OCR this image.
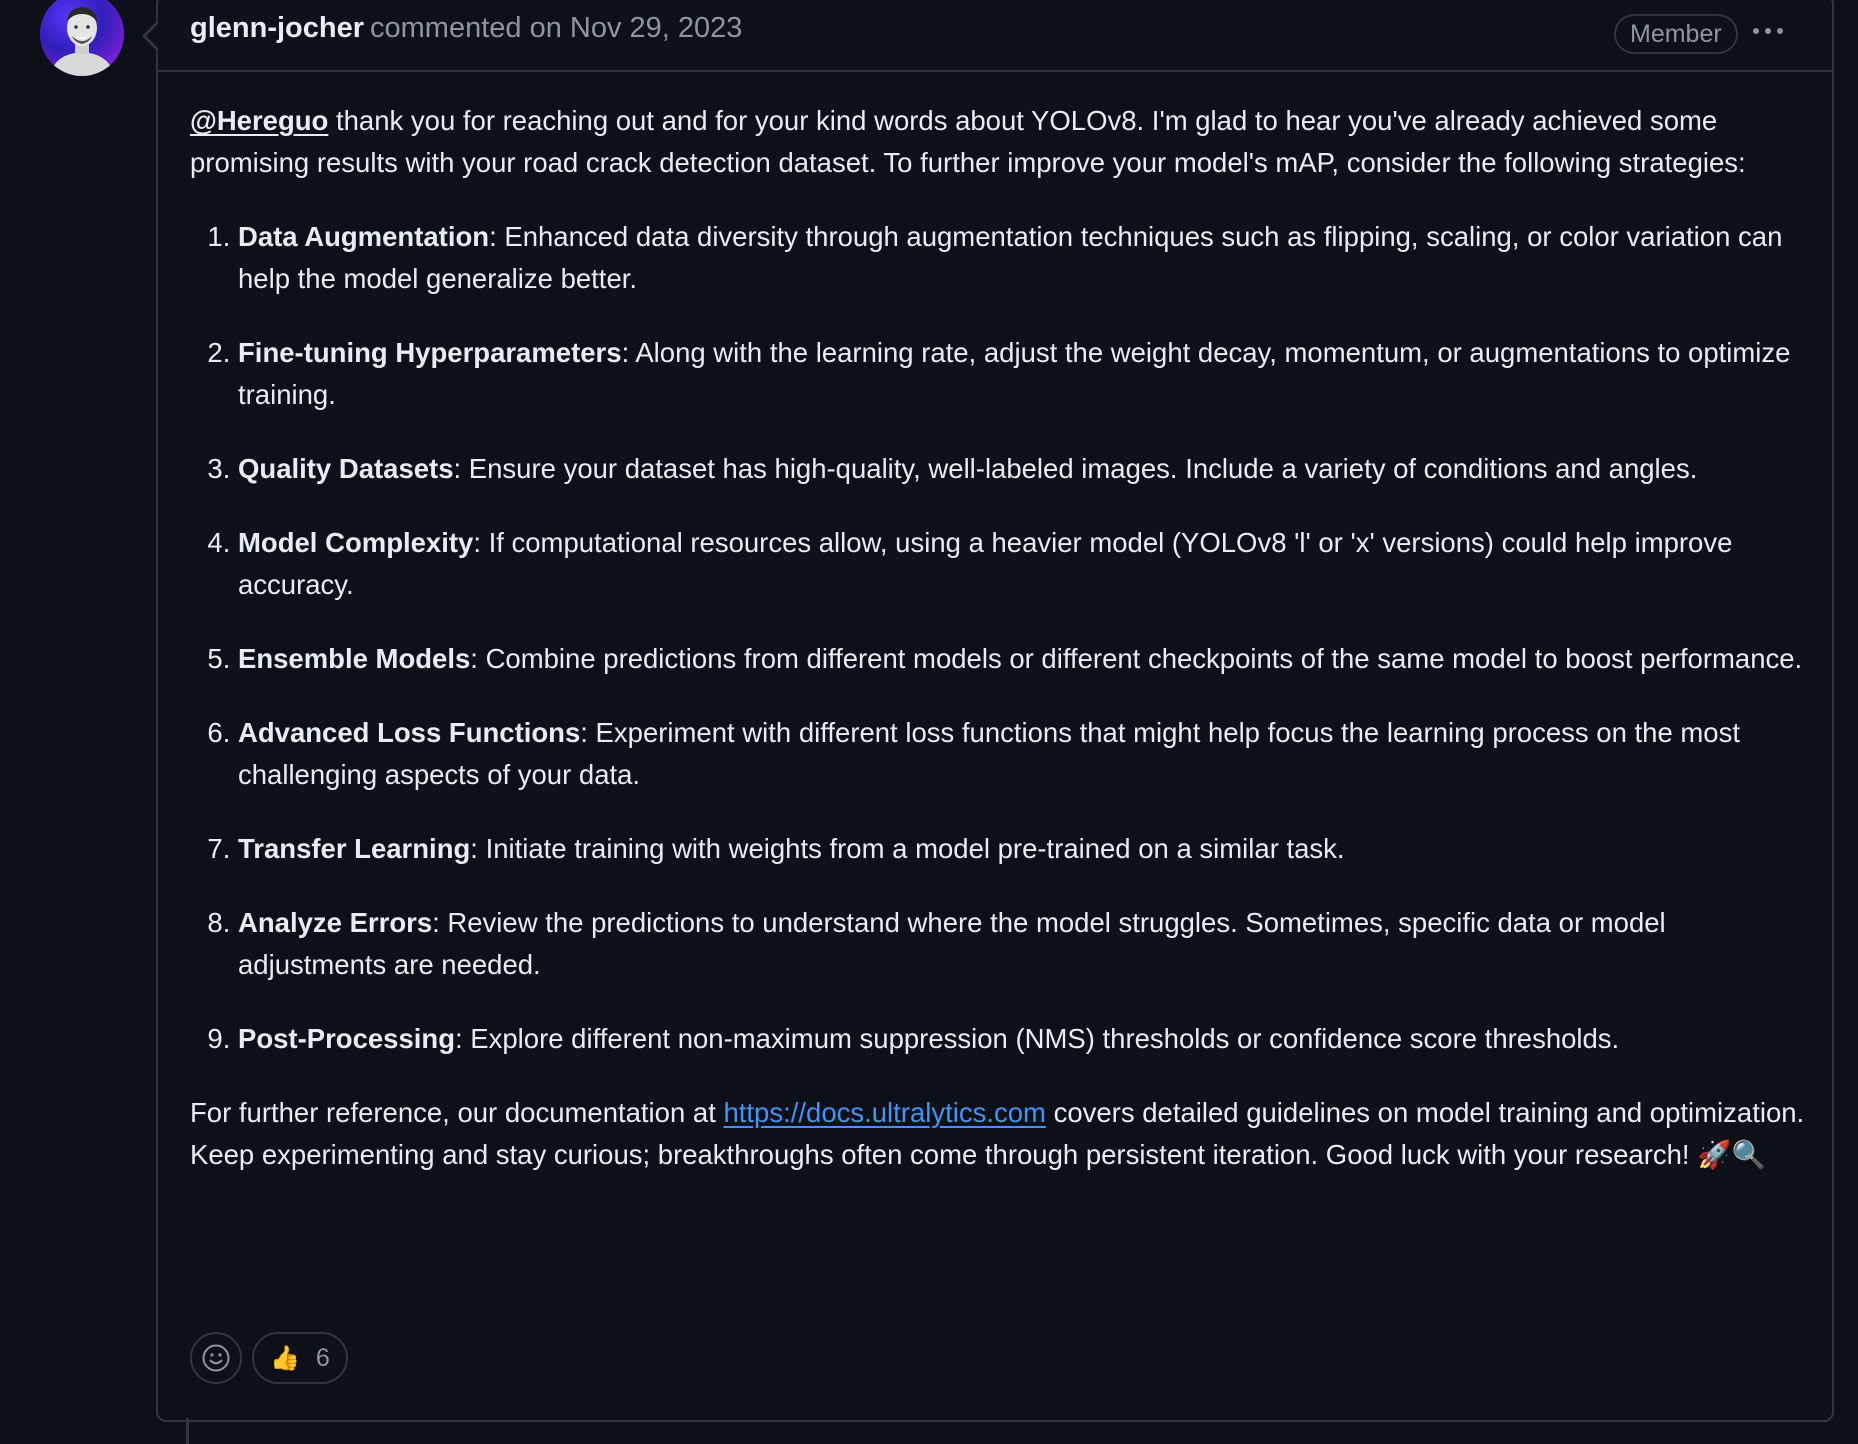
glenn-jocher commented on Nov 29, 2023	Member

@Hereguo thank you for reaching out and for your kind words about YOLOv8. I'm glad to hear you've already achieved some promising results with your road crack detection dataset. To further improve your model's mAP, consider the following strategies:

1. Data Augmentation: Enhanced data diversity through augmentation techniques such as flipping, scaling, or color variation can help the model generalize better.
2. Fine-tuning Hyperparameters: Along with the learning rate, adjust the weight decay, momentum, or augmentations to optimize training.
3. Quality Datasets: Ensure your dataset has high-quality, well-labeled images. Include a variety of conditions and angles.
4. Model Complexity: If computational resources allow, using a heavier model (YOLOv8 'l' or 'x' versions) could help improve accuracy.
5. Ensemble Models: Combine predictions from different models or different checkpoints of the same model to boost performance.
6. Advanced Loss Functions: Experiment with different loss functions that might help focus the learning process on the most challenging aspects of your data.
7. Transfer Learning: Initiate training with weights from a model pre-trained on a similar task.
8. Analyze Errors: Review the predictions to understand where the model struggles. Sometimes, specific data or model adjustments are needed.
9. Post-Processing: Explore different non-maximum suppression (NMS) thresholds or confidence score thresholds.

For further reference, our documentation at https://docs.ultralytics.com covers detailed guidelines on model training and optimization. Keep experimenting and stay curious; breakthroughs often come through persistent iteration. Good luck with your research! 🚀🔍

👍 6
